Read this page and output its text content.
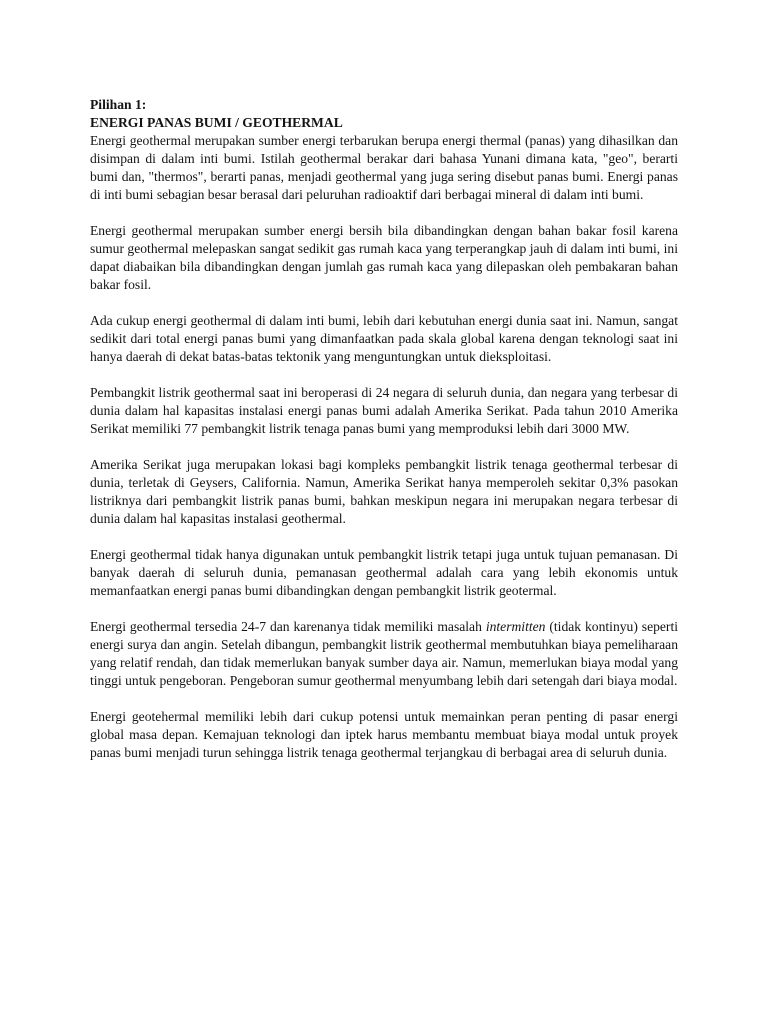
Pilihan 1:

ENERGI PANAS BUMI / GEOTHERMAL

Energi geothermal merupakan sumber energi terbarukan berupa energi thermal (panas) yang dihasilkan dan disimpan di dalam inti bumi. Istilah geothermal berakar dari bahasa Yunani dimana kata, "geo", berarti bumi dan, "thermos", berarti panas, menjadi geothermal yang juga sering disebut panas bumi. Energi panas di inti bumi sebagian besar berasal dari peluruhan radioaktif dari berbagai mineral di dalam inti bumi.

Energi geothermal merupakan sumber energi bersih bila dibandingkan dengan bahan bakar fosil karena sumur geothermal melepaskan sangat sedikit gas rumah kaca yang terperangkap jauh di dalam inti bumi, ini dapat diabaikan bila dibandingkan dengan jumlah gas rumah kaca yang dilepaskan oleh pembakaran bahan bakar fosil.

Ada cukup energi geothermal di dalam inti bumi, lebih dari kebutuhan energi dunia saat ini. Namun, sangat sedikit dari total energi panas bumi yang dimanfaatkan pada skala global karena dengan teknologi saat ini hanya daerah di dekat batas-batas tektonik yang menguntungkan untuk dieksploitasi.

Pembangkit listrik geothermal saat ini beroperasi di 24 negara di seluruh dunia, dan negara yang terbesar di dunia dalam hal kapasitas instalasi energi panas bumi adalah Amerika Serikat. Pada tahun 2010 Amerika Serikat memiliki 77 pembangkit listrik tenaga panas bumi yang memproduksi lebih dari 3000 MW.

Amerika Serikat juga merupakan lokasi bagi kompleks pembangkit listrik tenaga geothermal terbesar di dunia, terletak di Geysers, California. Namun, Amerika Serikat hanya memperoleh sekitar 0,3% pasokan listriknya dari pembangkit listrik panas bumi, bahkan meskipun negara ini merupakan negara terbesar di dunia dalam hal kapasitas instalasi geothermal.

Energi geothermal tidak hanya digunakan untuk pembangkit listrik tetapi juga untuk tujuan pemanasan. Di banyak daerah di seluruh dunia, pemanasan geothermal adalah cara yang lebih ekonomis untuk memanfaatkan energi panas bumi dibandingkan dengan pembangkit listrik geotermal.

Energi geothermal tersedia 24-7 dan karenanya tidak memiliki masalah intermitten (tidak kontinyu) seperti energi surya dan angin. Setelah dibangun, pembangkit listrik geothermal membutuhkan biaya pemeliharaan yang relatif rendah, dan tidak memerlukan banyak sumber daya air. Namun, memerlukan biaya modal yang tinggi untuk pengeboran. Pengeboran sumur geothermal menyumbang lebih dari setengah dari biaya modal.

Energi geotehermal memiliki lebih dari cukup potensi untuk memainkan peran penting di pasar energi global masa depan. Kemajuan teknologi dan iptek harus membantu membuat biaya modal untuk proyek panas bumi menjadi turun sehingga listrik tenaga geothermal terjangkau di berbagai area di seluruh dunia.
